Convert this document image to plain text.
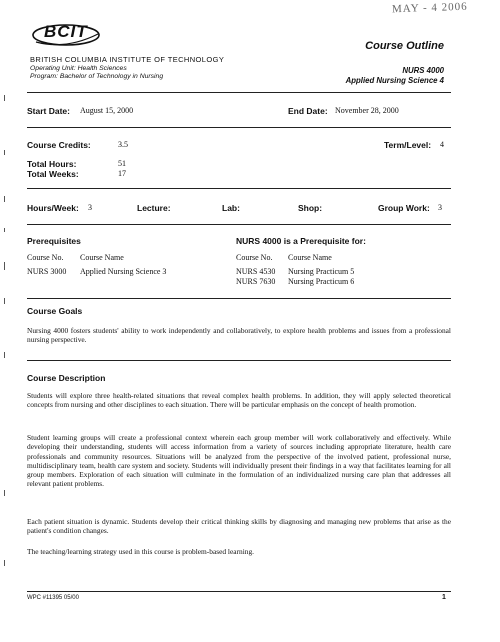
MAY - 4 2006
BCIT
BRITISH COLUMBIA INSTITUTE OF TECHNOLOGY
Operating Unit: Health Sciences
Program: Bachelor of Technology in Nursing
Course Outline
NURS 4000
Applied Nursing Science 4
Start Date: August 15, 2000	End Date: November 28, 2000
Course Credits:	3.5	Term/Level: 4
Total Hours:	51
Total Weeks:	17
Hours/Week: 3	Lecture:	Lab:	Shop:	Group Work: 3
Prerequisites
Course No. Course Name
NURS 3000 Applied Nursing Science 3
NURS 4000 is a Prerequisite for:
Course No. Course Name
NURS 4530 Nursing Practicum 5
NURS 7630 Nursing Practicum 6
Course Goals
Nursing 4000 fosters students' ability to work independently and collaboratively, to explore health problems and issues from a professional nursing perspective.
Course Description
Students will explore three health-related situations that reveal complex health problems. In addition, they will apply selected theoretical concepts from nursing and other disciplines to each situation. There will be particular emphasis on the concept of health promotion.
Student learning groups will create a professional context wherein each group member will work collaboratively and effectively. While developing their understanding, students will access information from a variety of sources including appropriate literature, health care professionals and community resources. Situations will be analyzed from the perspective of the involved patient, professional nurse, multidisciplinary team, health care system and society. Students will individually present their findings in a way that facilitates learning for all group members. Exploration of each situation will culminate in the formulation of an individualized nursing care plan that addresses all relevant patient problems.
Each patient situation is dynamic. Students develop their critical thinking skills by diagnosing and managing new problems that arise as the patient's condition changes.
The teaching/learning strategy used in this course is problem-based learning.
WPC #11395 05/00	1
